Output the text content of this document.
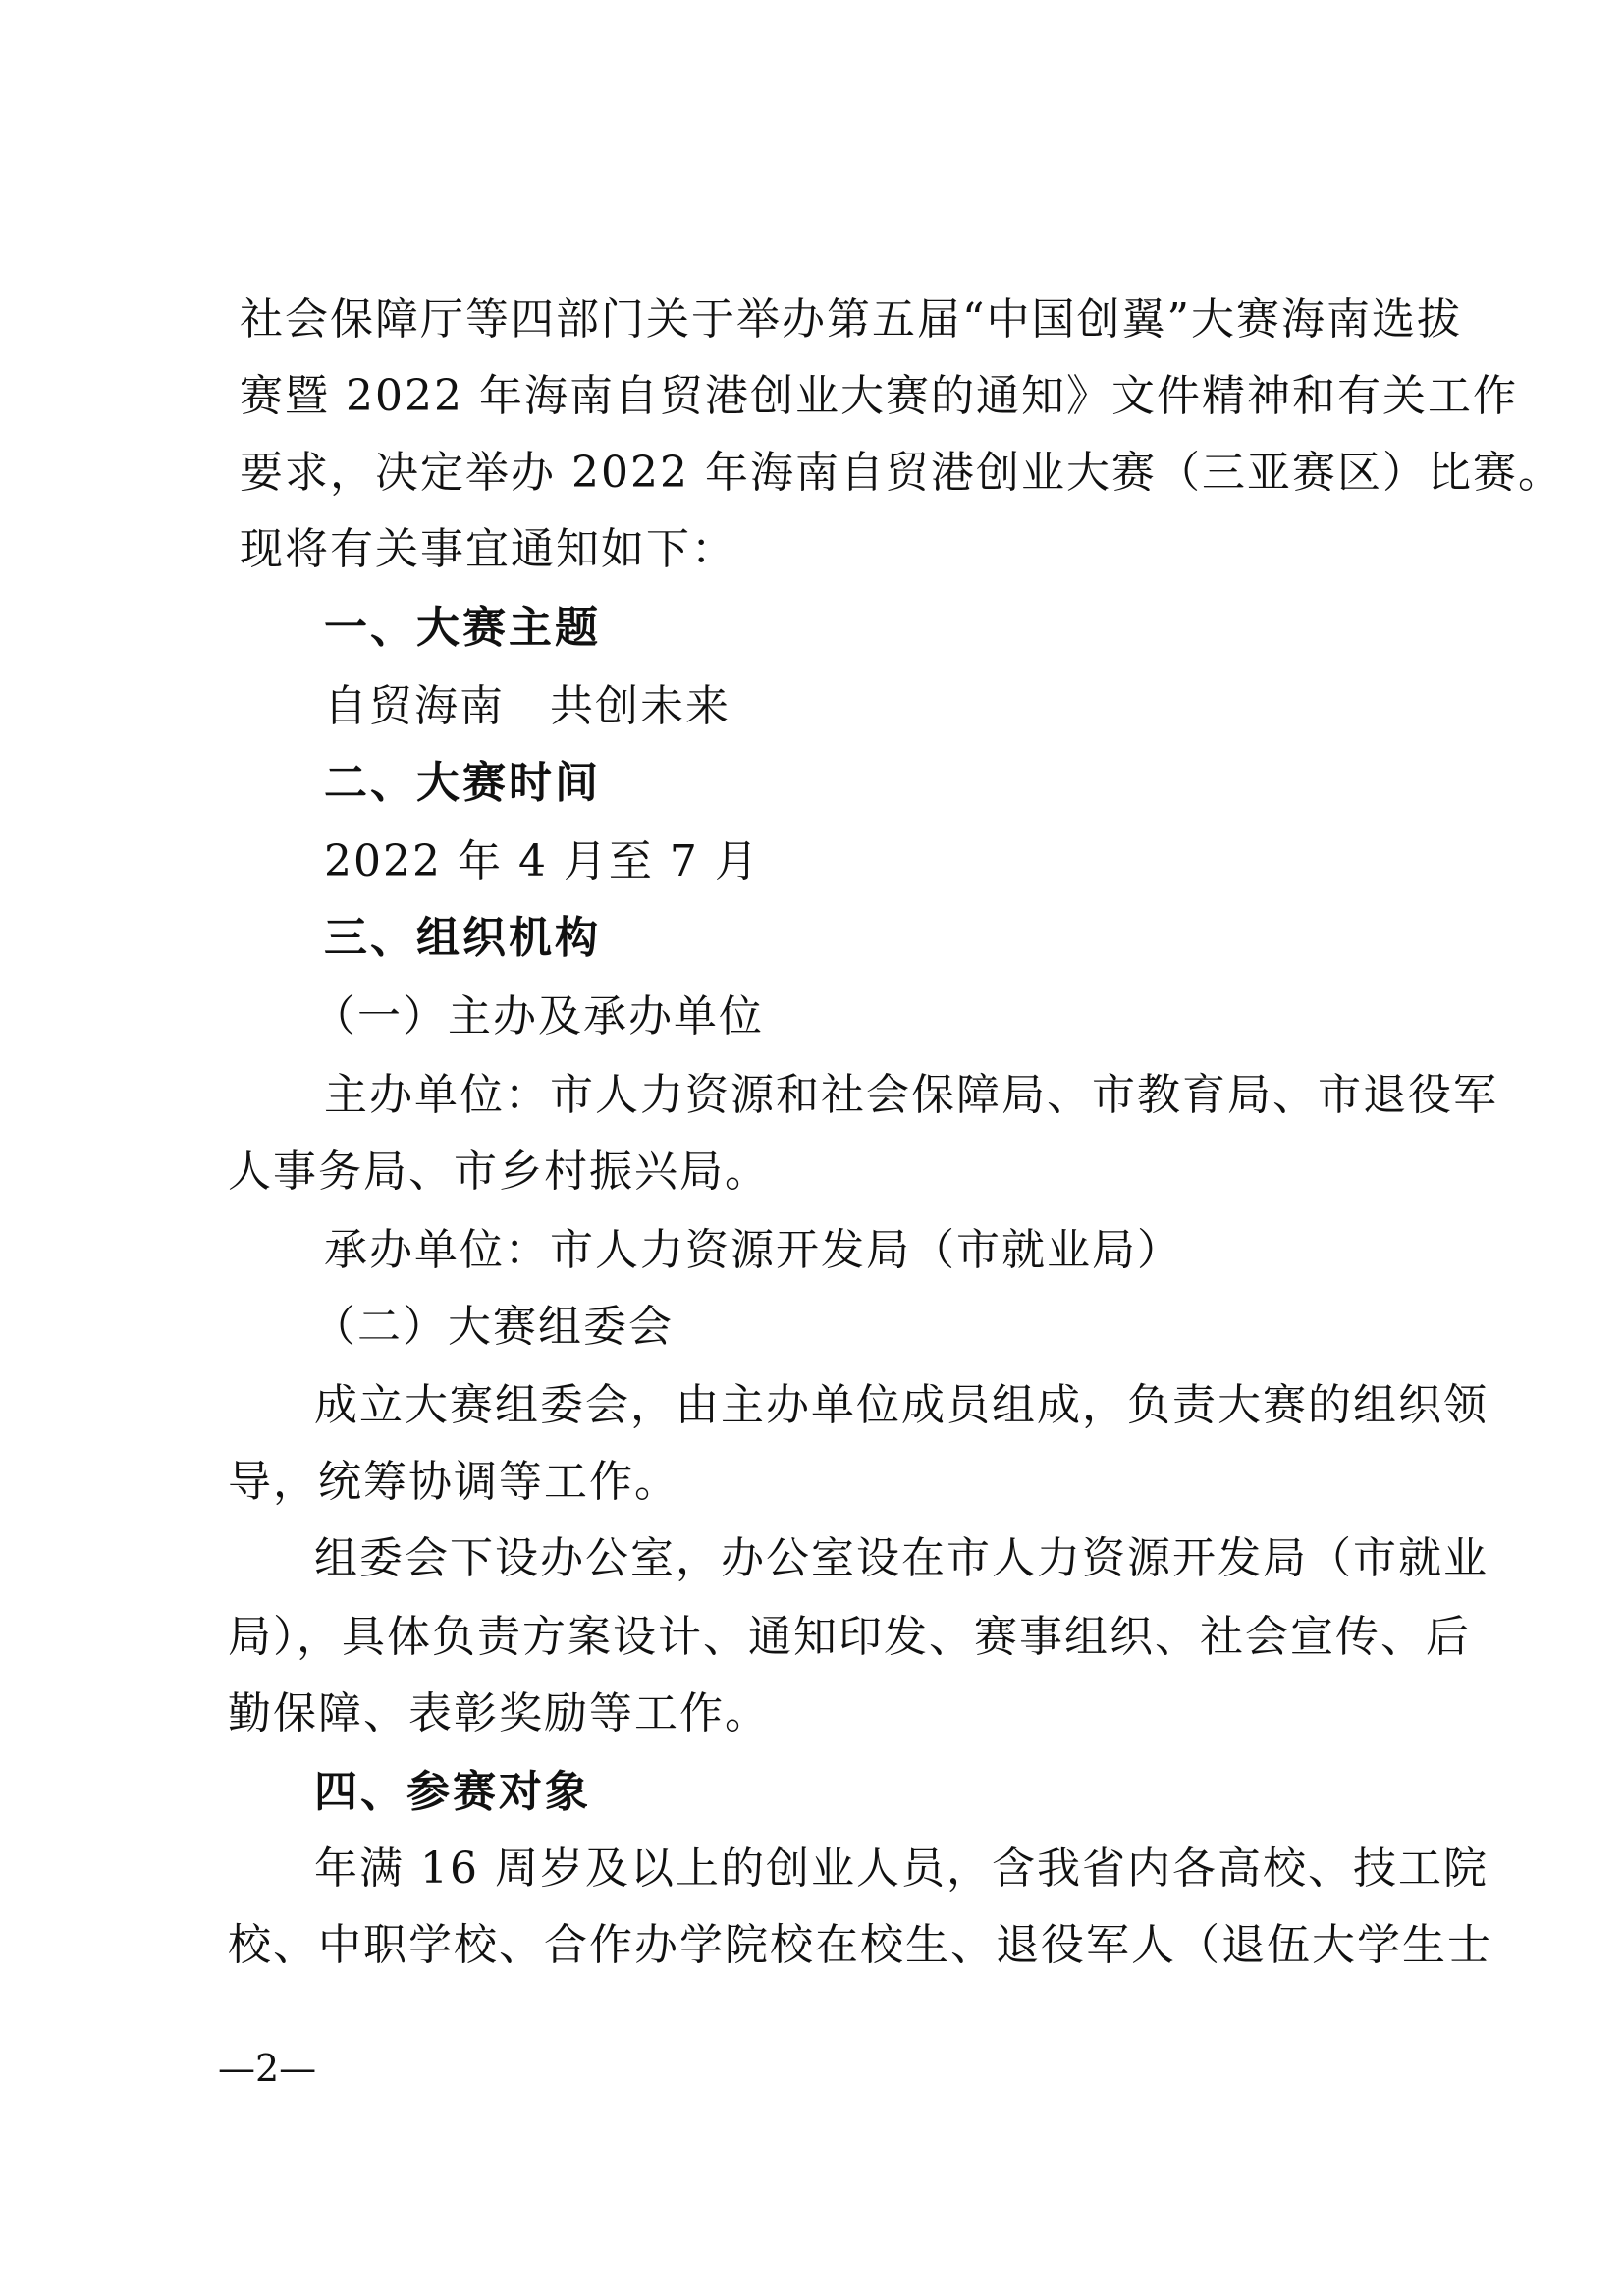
社会保障厅等四部门关于举办第五届“中国创翼”大赛海南选拔
赛暨 2022 年海南自贸港创业大赛的通知》文件精神和有关工作
要求，决定举办 2022 年海南自贸港创业大赛（三亚赛区）比赛。
现将有关事宜通知如下：
一、大赛主题
自贸海南　共创未来
二、大赛时间
2022 年 4 月至 7 月
三、组织机构
（一）主办及承办单位
主办单位：市人力资源和社会保障局、市教育局、市退役军
人事务局、市乡村振兴局。
承办单位：市人力资源开发局（市就业局）
（二）大赛组委会
成立大赛组委会，由主办单位成员组成，负责大赛的组织领
导，统筹协调等工作。
组委会下设办公室，办公室设在市人力资源开发局（市就业
局），具体负责方案设计、通知印发、赛事组织、社会宣传、后
勤保障、表彰奖励等工作。
四、参赛对象
年满 16 周岁及以上的创业人员，含我省内各高校、技工院
校、中职学校、合作办学院校在校生、退役军人（退伍大学生士
—2—
